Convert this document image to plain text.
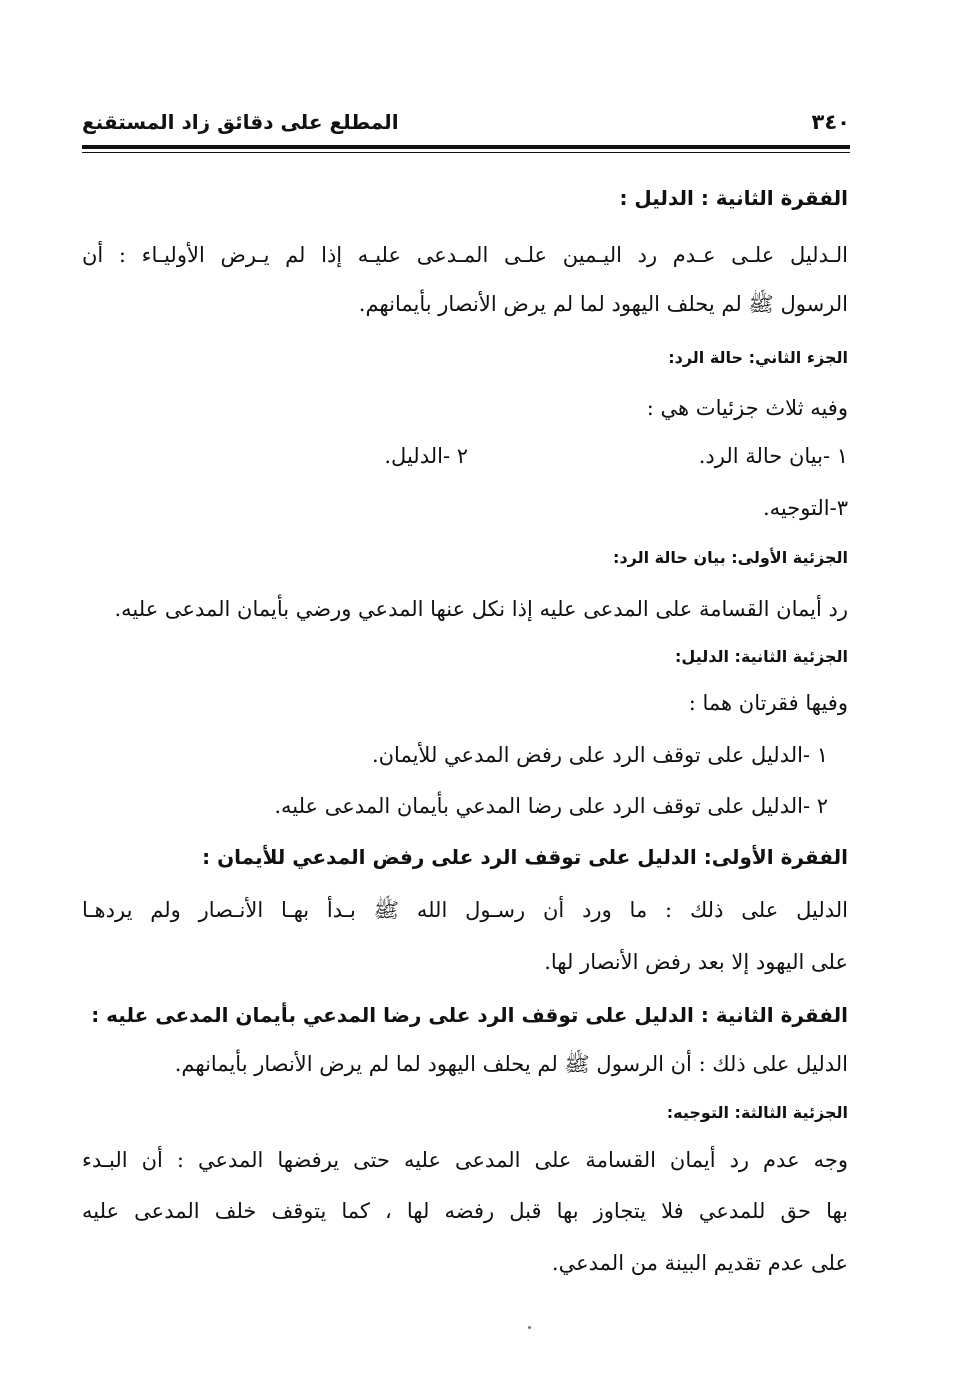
المطلع على دقائق زاد المستقنع	٣٤٠
الفقرة الثانية : الدليل :
الـدليل علـى عـدم رد اليـمين علـى المـدعى عليـه إذا لم يـرض الأوليـاء : أن
الرسول ﷺ لم يحلف اليهود لما لم يرض الأنصار بأيمانهم.
الجزء الثاني: حالة الرد:
وفيه ثلاث جزئيات هي :
١ -بيان حالة الرد.
٢ -الدليل.
٣-التوجيه.
الجزئية الأولى: بيان حالة الرد:
رد أيمان القسامة على المدعى عليه إذا نكل عنها المدعي ورضي بأيمان المدعى عليه.
الجزئية الثانية: الدليل:
وفيها فقرتان هما :
١ -الدليل على توقف الرد على رفض المدعي للأيمان.
٢ -الدليل على توقف الرد على رضا المدعي بأيمان المدعى عليه.
الفقرة الأولى: الدليل على توقف الرد على رفض المدعي للأيمان :
الدليل على ذلك : ما ورد أن رسـول الله ﷺ بـدأ بهـا الأنـصار ولم يردهـا
على اليهود إلا بعد رفض الأنصار لها.
الفقرة الثانية : الدليل على توقف الرد على رضا المدعي بأيمان المدعى عليه :
الدليل على ذلك : أن الرسول ﷺ لم يحلف اليهود لما لم يرض الأنصار بأيمانهم.
الجزئية الثالثة: التوجيه:
وجه عدم رد أيمان القسامة على المدعى عليه حتى يرفضها المدعي : أن البـدء
بها حق للمدعي فلا يتجاوز بها قبل رفضه لها ، كما يتوقف خلف المدعى عليه
على عدم تقديم البينة من المدعي.
